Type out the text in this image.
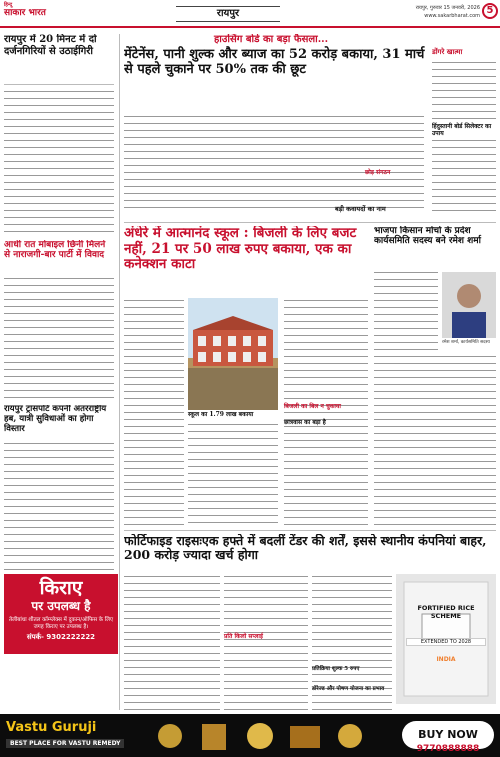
हिन्दू
साकार भारत	रायपुर	रायपुर, गुरुवार 15 जनवरी, 2026
www.sakarbharat.com 5
रायपुर में 20 मिनट में दो दर्जनगिरियों से उठाईगिरी
आधी रात मोबाइल छिनी मिलने से नाराजगी-बार पार्टी में विवाद
रायपुर ट्रांसपोर्ट कंपनी अंतरराष्ट्रीय हब, यात्री सुविधाओं का होगा विस्तार
किराए
पर उपलब्ध है
तेलीबांधा शीतल कॉम्प्लेक्स में दुकान/ऑफिस के लिए जगह किराए पर उपलब्ध है।
संपर्क- 9302222222
हाउसिंग बोर्ड का बड़ा फैसला...
मेंटेनेंस, पानी शुल्क और ब्याज का 52 करोड़ बकाया, 31 मार्च से पहले चुकाने पर 50% तक की छूट
डोंगरे खात्मा
हिंदुस्तानी बोर्ड सिलेक्टर का उपाय
छोड़ संगठन
बड़ी कवायदों का नाम
अंधेरे में आत्मानंद स्कूल : बिजली के लिए बजट नहीं, 21 पर 50 लाख रुपए बकाया, एक का कनेक्शन काटा
स्कूल का 1.79 लाख बकाया
बिजली का बिल न चुकाया
छात्रवास का बड़ा है
भाजपा किसान मोर्चा के प्रदेश कार्यसमिति सदस्य बने रमेश शर्मा
रमेश शर्मा, कार्यसमिति सदस्य
फोर्टिफाइड राइसःएक हफ्ते में बदलीं टेंडर की शर्तें, इससे स्थानीय कंपनियां बाहर, 200 करोड़ ज्यादा खर्च होगा
प्रति किलो सप्लाई
प्रतिक्रिया शुल्क 5 रुपए
डोरेज्ड और पोषण योजना का प्रभाव
FORTIFIED RICE SCHEME
EXTENDED TO 2028
INDIA
Vastu Guruji
BEST PLACE FOR VASTU REMEDY
BUY NOW
9770888888
